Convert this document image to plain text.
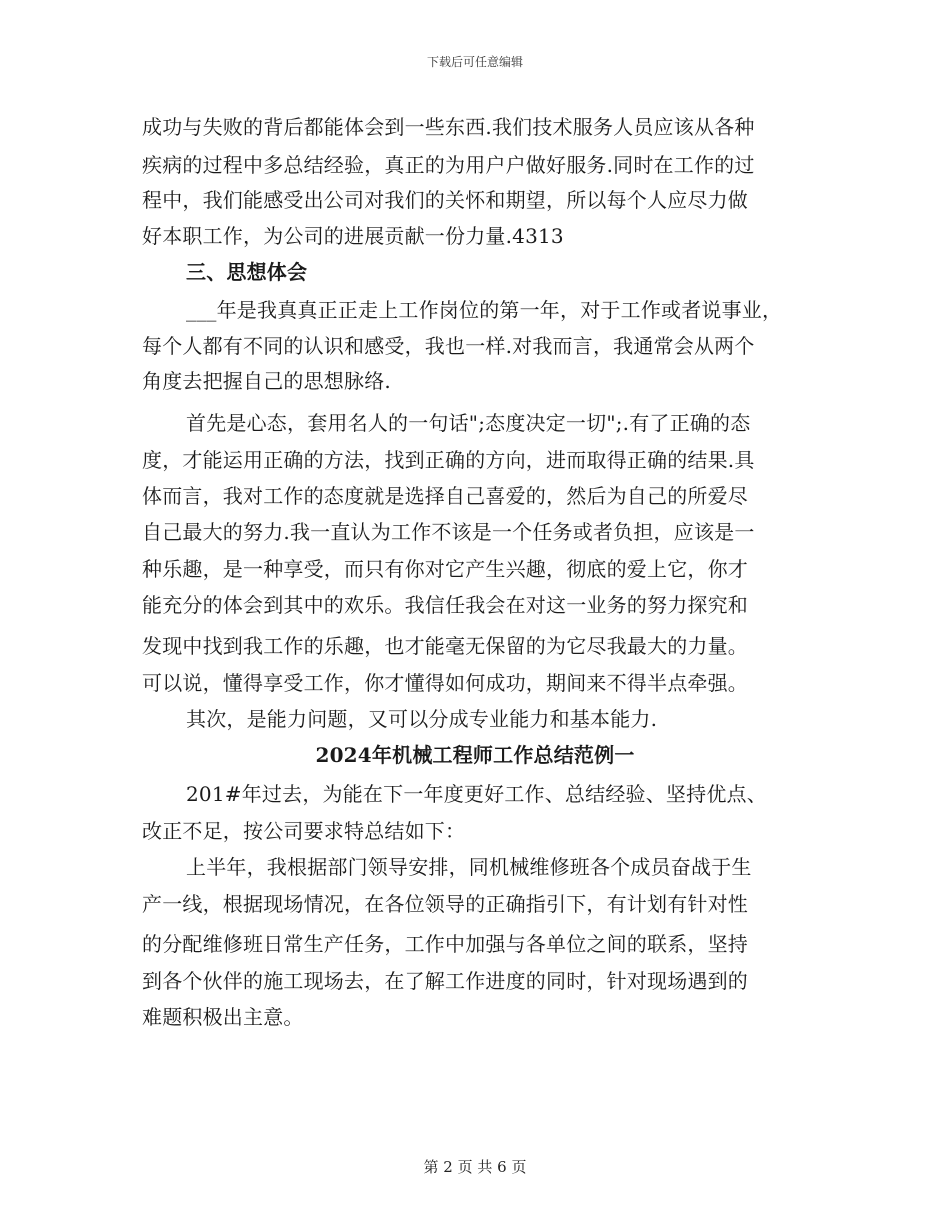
下载后可任意编辑
成功与失败的背后都能体会到一些东西.我们技术服务人员应该从各种
疾病的过程中多总结经验，真正的为用户户做好服务.同时在工作的过
程中，我们能感受出公司对我们的关怀和期望，所以每个人应尽力做
好本职工作，为公司的进展贡献一份力量.4313
三、思想体会
___年是我真真正正走上工作岗位的第一年，对于工作或者说事业，
每个人都有不同的认识和感受，我也一样.对我而言，我通常会从两个
角度去把握自己的思想脉络.
首先是心态，套用名人的一句话";态度决定一切";.有了正确的态
度，才能运用正确的方法，找到正确的方向，进而取得正确的结果.具
体而言，我对工作的态度就是选择自己喜爱的，然后为自己的所爱尽
自己最大的努力.我一直认为工作不该是一个任务或者负担，应该是一
种乐趣，是一种享受，而只有你对它产生兴趣，彻底的爱上它，你才
能充分的体会到其中的欢乐。我信任我会在对这一业务的努力探究和
发现中找到我工作的乐趣，也才能毫无保留的为它尽我最大的力量。
可以说，懂得享受工作，你才懂得如何成功，期间来不得半点牵强。
其次，是能力问题，又可以分成专业能力和基本能力.
2024年机械工程师工作总结范例一
201#年过去，为能在下一年度更好工作、总结经验、坚持优点、
改正不足，按公司要求特总结如下：
上半年，我根据部门领导安排，同机械维修班各个成员奋战于生
产一线，根据现场情况，在各位领导的正确指引下，有计划有针对性
的分配维修班日常生产任务，工作中加强与各单位之间的联系，坚持
到各个伙伴的施工现场去，在了解工作进度的同时，针对现场遇到的
难题积极出主意。
第 2 页 共 6 页
